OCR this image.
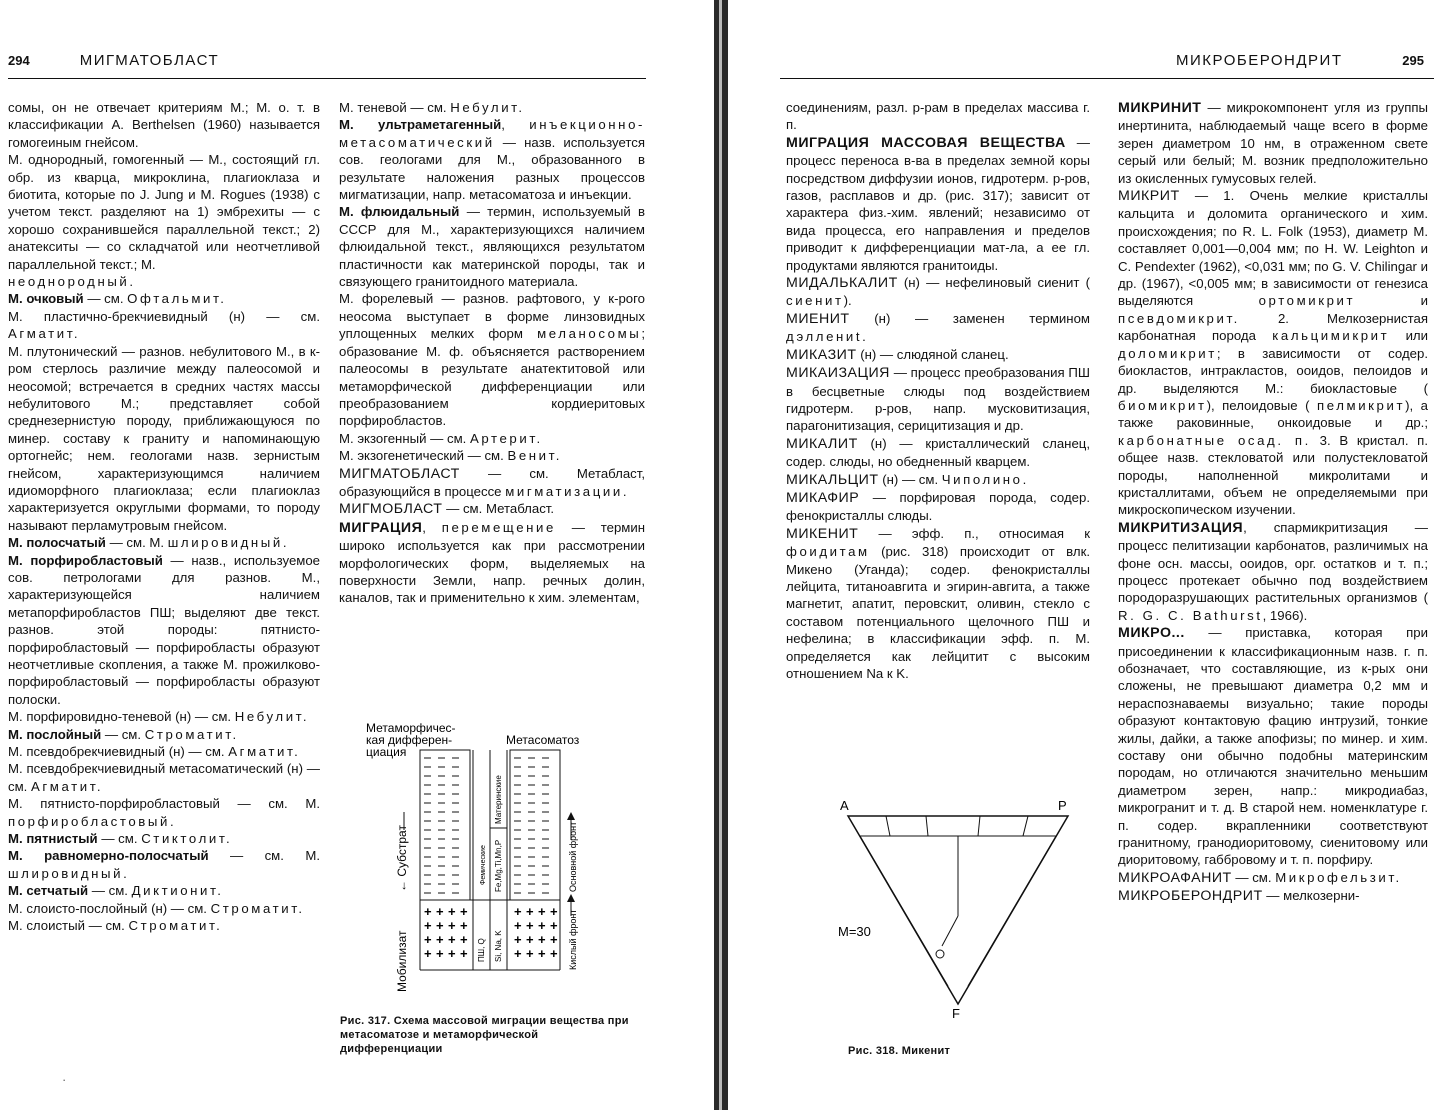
294	МИГМАТОБЛАСТ

сомы, он не отвечает критериям М.; М. о. т. в классификации A. Berthelsen (1960) называется гомогеиным гнейсом.

М. однородный, гомогенный — М., состоящий гл. обр. из кварца, микроклина, плагиоклаза и биотита, которые по J. Jung и M. Rogues (1938) с учетом текст. разделяют на 1) эмбрехиты — с хорошо сохранившейся параллельной текст.; 2) анатекситы — со складчатой или неотчетливой параллельной текст.; М.

неоднородный.

М. очковый — см. Офтальмит.

М. пластично-брекчиевидный (н) — см. Агматит.

М. плутонический — разнов. небулитового М., в к-ром стерлось различие между палеосомой и неосомой; встречается в средних частях массы небулитового М.; представляет собой среднезернистую породу, приближающуюся по минер. составу к граниту и напоминающую ортогнейс; нем. геологами назв. зернистым гнейсом, характеризующимся наличием идиоморфного плагиоклаза; если плагиоклаз характеризуется округлыми формами, то породу называют перламутровым гнейсом.

М. полосчатый — см. М. шлировидный.

М. порфиробластовый — назв., используемое сов. петрологами для разнов. М., характеризующейся наличием метапорфиробластов ПШ; выделяют две текст. разнов. этой породы: пятнисто-порфиробластовый — порфиробласты образуют неотчетливые скопления, а также М. прожилково-порфиробластовый — порфиробласты образуют полоски.

М. порфировидно-теневой (н) — см. Небулит.

М. послойный — см. Строматит.

М. псевдобрекчиевидный (н) — см. Агматит.

М. псевдобрекчиевидный метасоматический (н) — см. Агматит.

М. пятнисто-порфиробластовый — см. М. порфиробластовый.

М. пятнистый — см. Стиктолит.

М. равномерно-полосчатый — см. М. шлировидный.

М. сетчатый — см. Диктионит.

М. слоисто-послойный (н) — см. Строматит.

М. слоистый — см. Строматит.

М. теневой — см. Небулит.

М. ультраметагенный, инъекционно-метасоматический — назв. используется сов. геологами для М., образованного в результате наложения разных процессов мигматизации, напр. метасоматоза и инъекции.

М. флюидальный — термин, используемый в СССР для М., характеризующихся наличием флюидальной текст., являющихся результатом пластичности как материнской породы, так и связующего гранитоидного материала.

М. форелевый — разнов. рафтового, у к-рого неосома выступает в форме линзовидных уплощенных мелких форм меланосомы; образование М. ф. объясняется растворением палеосомы в результате анатектитовой или метаморфической дифференциации или преобразованием кордиеритовых порфиробластов.

М. экзогенный — см. Артерит.

М. экзогенетический — см. Венит.

МИГМАТОБЛАСТ — см. Метабласт, образующийся в процессе мигматизации.

МИГМОБЛАСТ — см. Метабласт.

МИГРАЦИЯ, перемещение — термин широко используется как при рассмотрении морфологических форм, выделяемых на поверхности Земли, напр. речных долин, каналов, так и применительно к хим. элементам,

Метаморфичес-
кая дифферен-
циация
Метасоматоз
+ + + +
+ + + +
+ + + +
+ + + +
+ + + +
+ + + +
+ + + +
+ + + +
← Субстрат
Мобилизат
Материнские
Фемические Fe,Mg,Ti,Mn,P
ПШ, Q Si, Na, K
Основной фронт
Кислый фронт
Рис. 317. Схема массовой миграции вещества при метасоматозе и метаморфической дифференциации
·
МИКРОБЕРОНДРИТ	295

соединениям, разл. р-рам в пределах массива г. п.

МИГРАЦИЯ МАССОВАЯ ВЕЩЕСТВА — процесс переноса в-ва в пределах земной коры посредством диффузии ионов, гидротерм. р-ров, газов, расплавов и др. (рис. 317); зависит от характера физ.-хим. явлений; независимо от вида процесса, его направления и пределов приводит к дифференциации мат-ла, а ее гл. продуктами являются гранитоиды.

МИДАЛЬКАЛИТ (н) — нефелиновый сиенит ( сиенит).

МИЕНИТ (н) — заменен термином дэллениt.

МИКАЗИТ (н) — слюдяной сланец.

МИКАИЗАЦИЯ — процесс преобразования ПШ в бесцветные слюды под воздействием гидротерм. р-ров, напр. мусковитизация, парагонитизация, серицитизация и др.

МИКАЛИТ (н) — кристаллический сланец, содер. слюды, но обедненный кварцем.

МИКАЛЬЦИТ (н) — см. Чиполино.

МИКАФИР — порфировая порода, содер. фенокристаллы слюды.

МИКЕНИТ — эфф. п., относимая к фоидитам (рис. 318) происходит от влк. Микено (Уганда); содер. фенокристаллы лейцита, титаноавгита и эгирин-авгита, а также магнетит, апатит, перовскит, оливин, стекло с составом потенциального щелочного ПШ и нефелина; в классификации эфф. п. М. определяется как лейцитит с высоким отношением Na к K.

МИКРИНИТ — микрокомпонент угля из группы инертинита, наблюдаемый чаще всего в форме зерен диаметром 10 нм, в отраженном свете серый или белый; М. возник предположительно из окисленных гумусовых гелей.

МИКРИТ — 1. Очень мелкие кристаллы кальцита и доломита органического и хим. происхождения; по R. L. Folk (1953), диаметр М. составляет 0,001—0,004 мм; по H. W. Leighton и C. Pendexter (1962), <0,031 мм; по G. V. Chilingar и др. (1967), <0,005 мм; в зависимости от генезиса выделяются	ортомикрит и псевдомикрит. 2. Мелкозернистая карбонатная порода кальцимикрит или доломикрит; в зависимости от содер. биокластов, интракластов, ооидов, пелоидов и др. выделяются М.: биокластовые ( биомикрит), пелоидовые ( пелмикрит), а также раковинные, онкоидовые и др.; карбонатные осад. п. 3. В кристал. п. общее назв. стекловатой или полустекловатой породы, наполненной микролитами и кристаллитами, объем не определяемыми при микроскопическом изучении.

МИКРИТИЗАЦИЯ, спармикритизация — процесс пелитизации карбонатов, различимых на фоне осн. массы, ооидов, орг. остатков и т. п.; процесс протекает обычно под воздействием породоразрушающих растительных организмов ( R. G. C. Bathurst, 1966).

МИКРО... — приставка, которая при присоединении к классификационным назв. г. п. обозначает, что составляющие, из к-рых они сложены, не превышают диаметра 0,2 мм и нераспознаваемы визуально; такие породы образуют контактовую фацию интрузий, тонкие жилы, дайки, а также апофизы; по минер. и хим. составу они обычно подобны материнским породам, но отличаются значительно меньшим диаметром зерен, напр.: микродиабаз, микрогранит и т. д. В старой нем. номенклатуре г. п. содер. вкрапленники соответствуют гранитному, гранодиоритовому, сиенитовому или диоритовому, габбровому и т. п. порфиру.

МИКРОАФАНИТ — см. Микрофельзит.

МИКРОБЕРОНДРИТ — мелкозерни-

A	P
F
M=30
Рис. 318. Микенит
